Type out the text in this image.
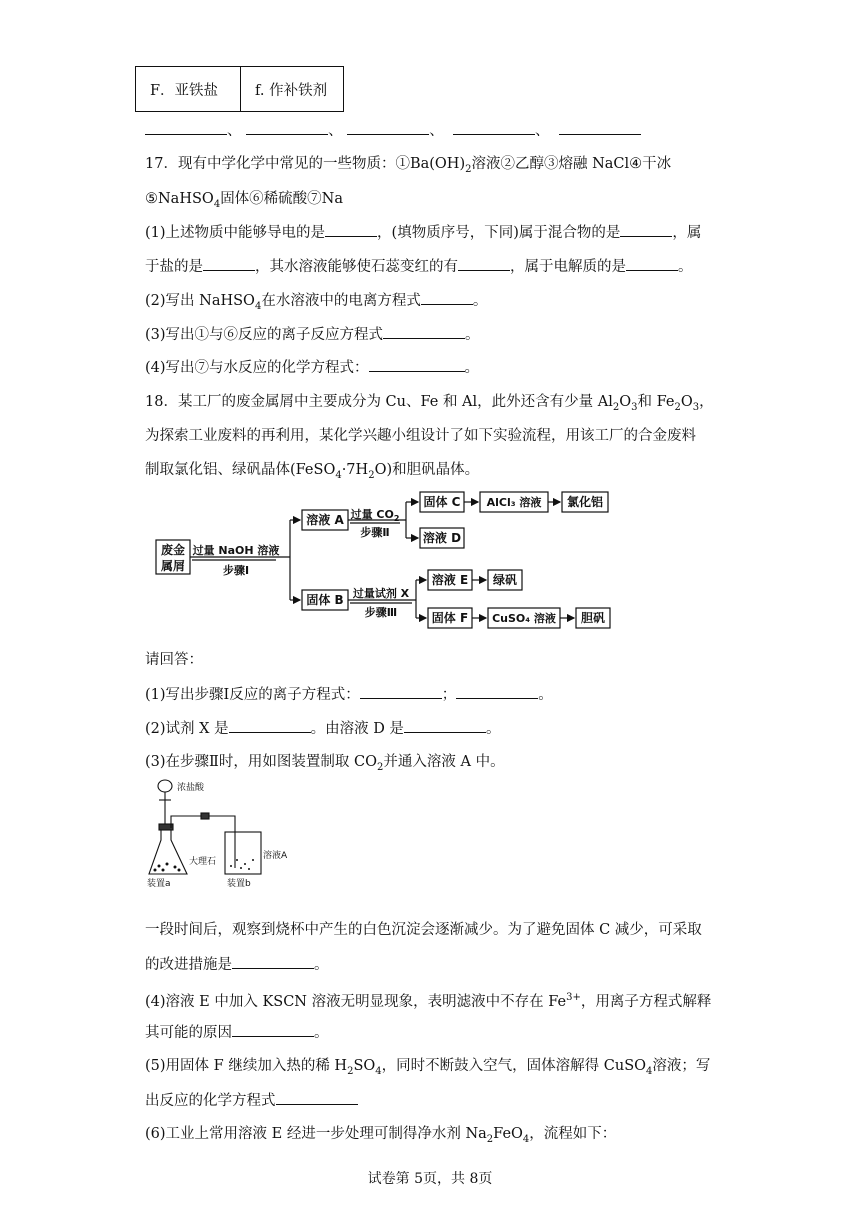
F．亚铁盐	f. 作补铁剂
、	、	、	、
17．现有中学化学中常见的一些物质：$①Ba(OH)_2$溶液②乙醇③熔融 NaCl④干冰
⑤NaHSO$_4$固体⑥稀硫酸⑦Na
(1)上述物质中能够导电的是	，(填物质序号，下同)属于混合物的是	，属
于盐的是	，其水溶液能够使石蕊变红的有	，属于电解质的是	。
(2)写出 NaHSO$_4$在水溶液中的电离方程式	。
(3)写出①与⑥反应的离子反应方程式	。
(4)写出⑦与水反应的化学方程式：	。
18．某工厂的废金属屑中主要成分为 Cu、Fe 和 Al，此外还含有少量 $Al_2O_3$和 $Fe_2O_3$，
为探索工业废料的再利用，某化学兴趣小组设计了如下实验流程，用该工厂的合金废料
制取氯化铝、绿矾晶体$(FeSO_4\cdot 7H_2O)$和胆矾晶体。
废金
属屑
过量 NaOH 溶液
步骤Ⅰ
溶液 A
固体 B
过量 $CO_2$
步骤Ⅱ
过量试剂 X
步骤Ⅲ
固体 C AlCl₃ 溶液 氯化铝
溶液 D
溶液 E 绿矾
固体 F CuSO₄ 溶液 胆矾
请回答：
(1)写出步骤Ⅰ反应的离子方程式：	；	。
(2)试剂 X 是	。由溶液 D 是	。
(3)在步骤Ⅱ时，用如图装置制取 $CO_2$并通入溶液 A 中。
浓盐酸
大理石
溶液A
装置a	装置b
一段时间后，观察到烧杯中产生的白色沉淀会逐渐减少。为了避免固体 C 减少，可采取
的改进措施是	。
(4)溶液 E 中加入 KSCN 溶液无明显现象，表明滤液中不存在 $Fe^{3+}$，用离子方程式解释
其可能的原因	。
(5)用固体 F 继续加入热的稀 $H_2SO_4$，同时不断鼓入空气，固体溶解得 CuSO$_4$溶液；写
出反应的化学方程式
(6)工业上常用溶液 E 经进一步处理可制得净水剂 $Na_2FeO_4$，流程如下：
试卷第 5页，共 8页
